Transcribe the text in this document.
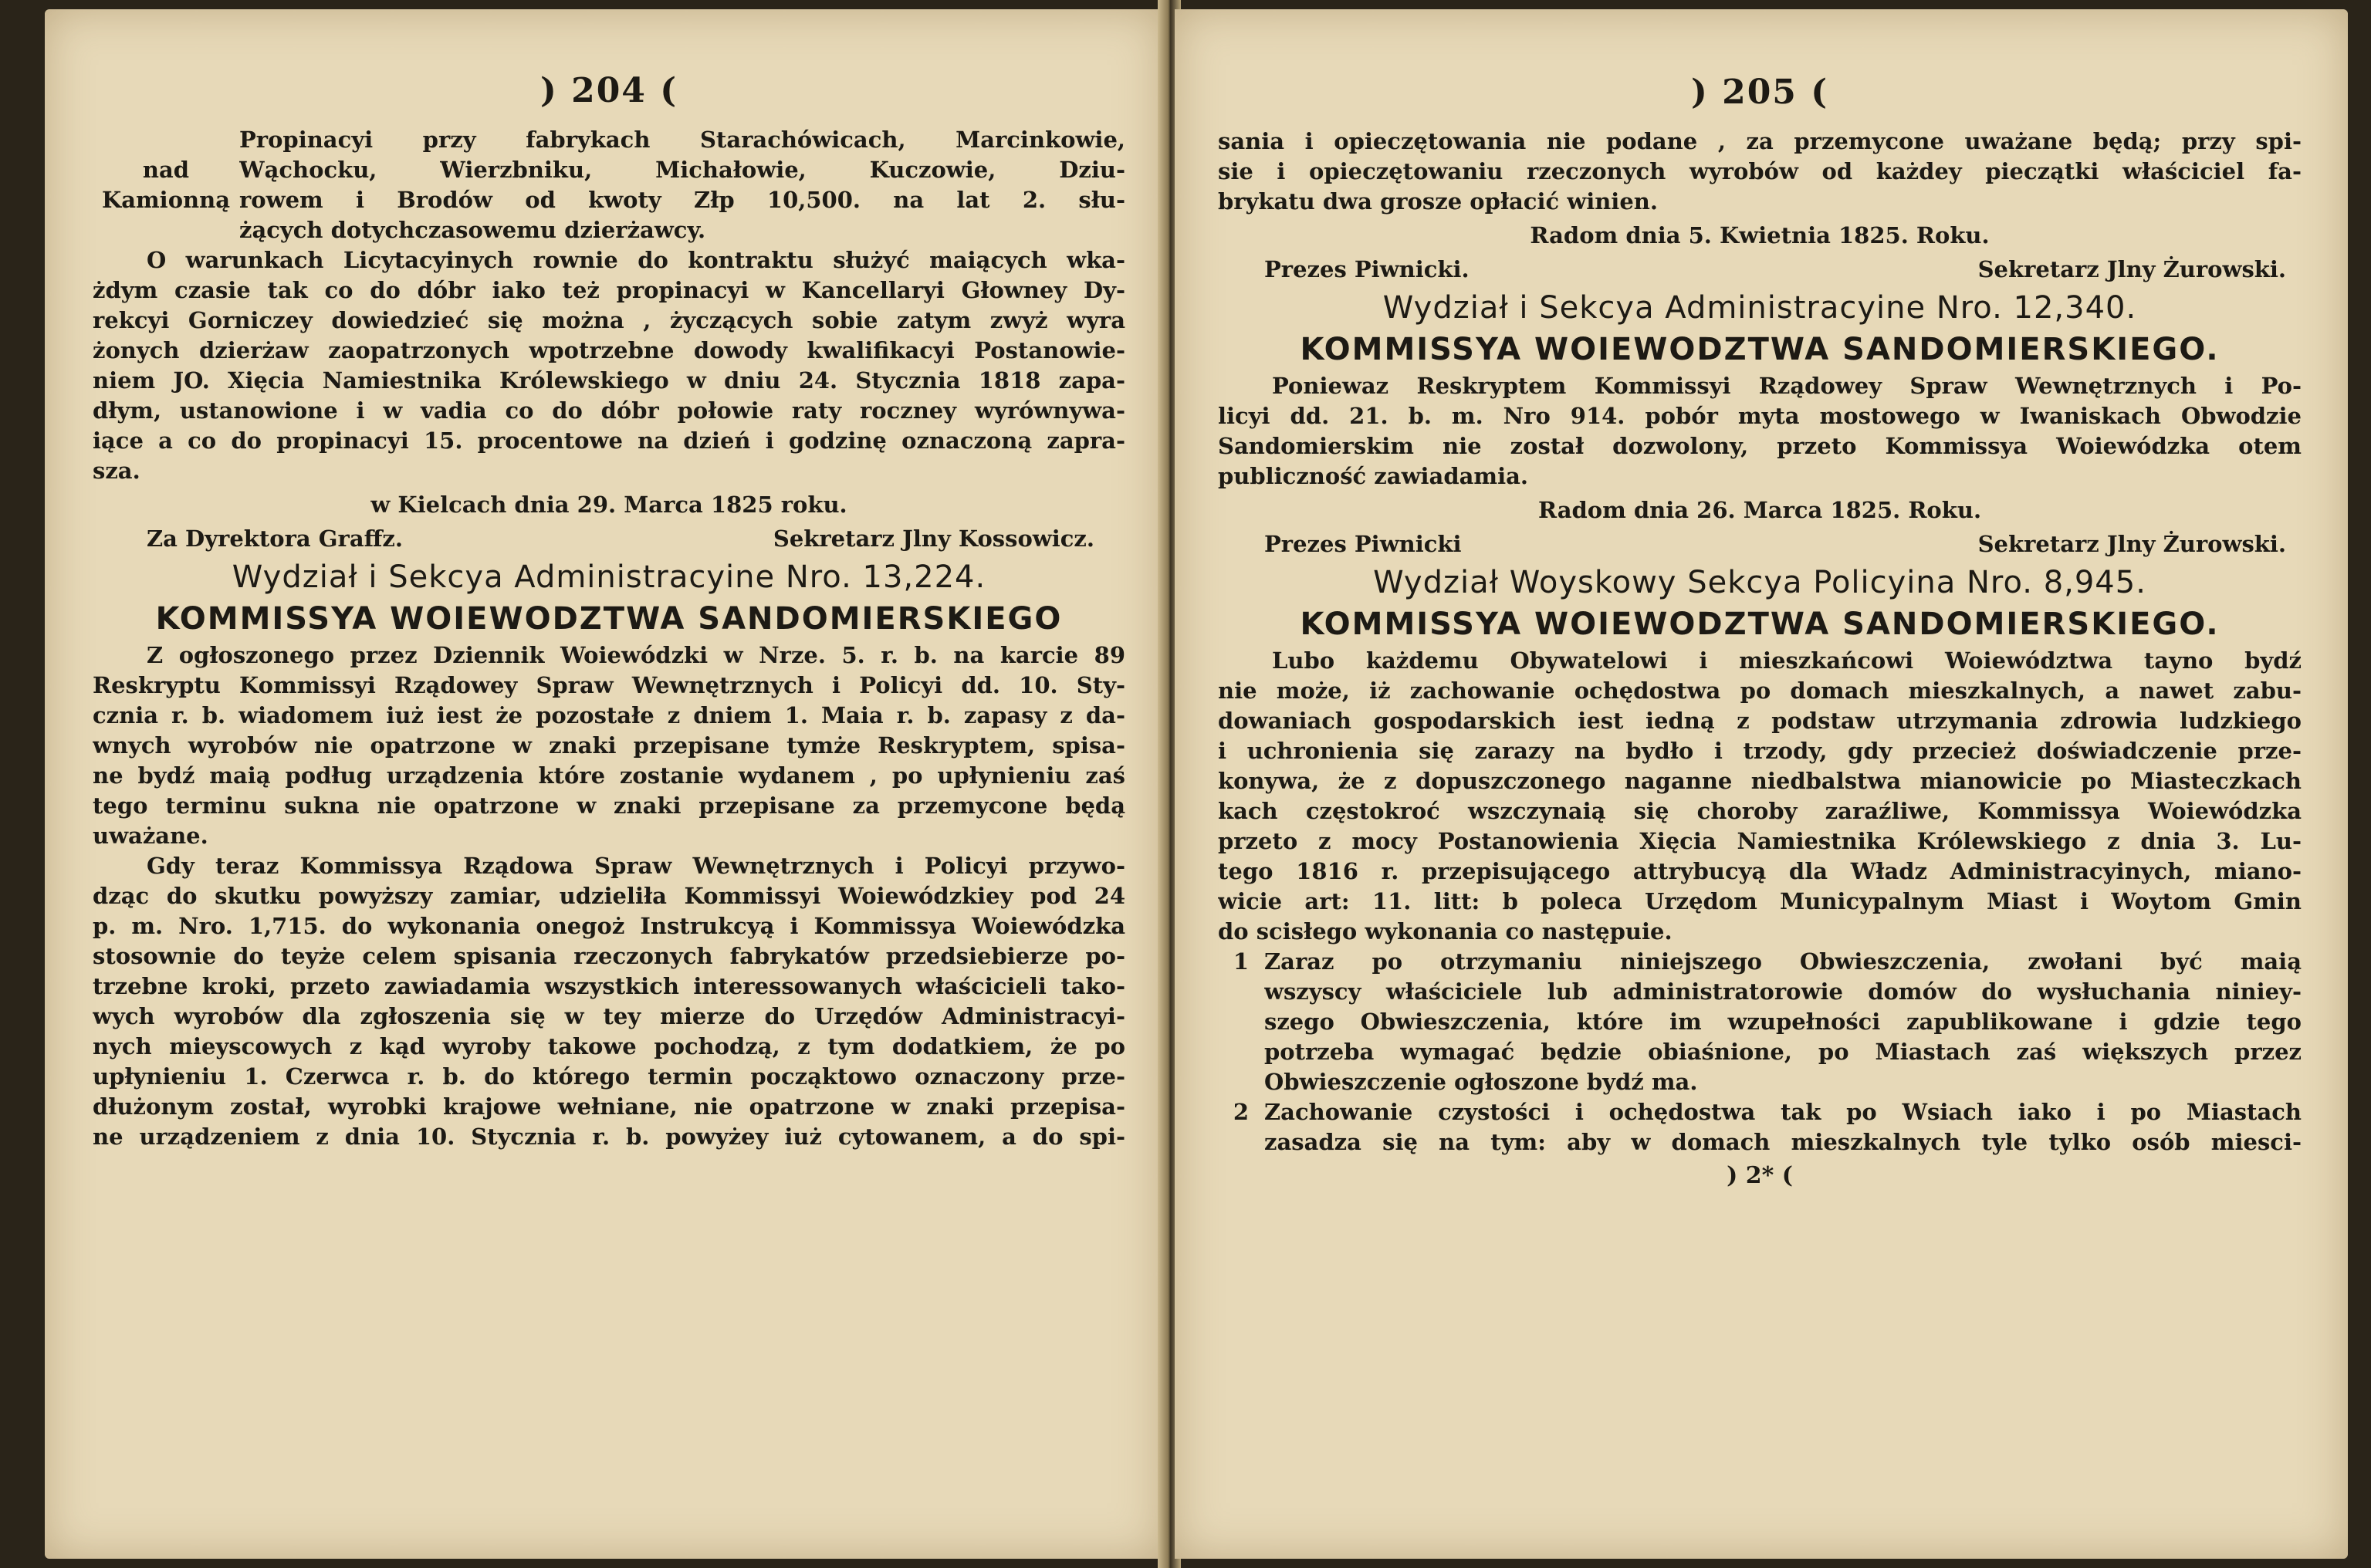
) 204 (
nad
Kamionną
Propinacyi przy fabrykach Starachówicach, Marcinkowie,
Wąchocku, Wierzbniku, Michałowie, Kuczowie, Dziu-
rowem i Brodów od kwoty Złp 10,500. na lat 2. słu-
żących dotychczasowemu dzierżawcy.
O warunkach Licytacyinych rownie do kontraktu służyć maiących wka-
żdym czasie tak co do dóbr iako też propinacyi w Kancellaryi Głowney Dy-
rekcyi Gorniczey dowiedzieć się można , życzących sobie zatym zwyż wyra
żonych dzierżaw zaopatrzonych wpotrzebne dowody kwalifikacyi Postanowie-
niem JO. Xięcia Namiestnika Królewskiego w dniu 24. Stycznia 1818 zapa-
dłym, ustanowione i w vadia co do dóbr połowie raty roczney wyrównywa-
iące a co do propinacyi 15. procentowe na dzień i godzinę oznaczoną zapra-
sza.
w Kielcach dnia 29. Marca 1825 roku.
Za Dyrektora Graffz.	Sekretarz Jlny Kossowicz.
Wydział i Sekcya Administracyine Nro. 13,224.
KOMMISSYA WOIEWODZTWA SANDOMIERSKIEGO
Z ogłoszonego przez Dziennik Woiewódzki w Nrze. 5. r. b. na karcie 89
Reskryptu Kommissyi Rządowey Spraw Wewnętrznych i Policyi dd. 10. Sty-
cznia r. b. wiadomem iuż iest że pozostałe z dniem 1. Maia r. b. zapasy z da-
wnych wyrobów nie opatrzone w znaki przepisane tymże Reskryptem, spisa-
ne bydź maią podług urządzenia które zostanie wydanem , po upłynieniu zaś
tego terminu sukna nie opatrzone w znaki przepisane za przemycone będą
uważane.
Gdy teraz Kommissya Rządowa Spraw Wewnętrznych i Policyi przywo-
dząc do skutku powyższy zamiar, udzieliła Kommissyi Woiewódzkiey pod 24
p. m. Nro. 1,715. do wykonania onegoż Instrukcyą i Kommissya Woiewódzka
stosownie do teyże celem spisania rzeczonych fabrykatów przedsiebierze po-
trzebne kroki, przeto zawiadamia wszystkich interessowanych właścicieli tako-
wych wyrobów dla zgłoszenia się w tey mierze do Urzędów Administracyi-
nych mieyscowych z kąd wyroby takowe pochodzą, z tym dodatkiem, że po
upłynieniu 1. Czerwca r. b. do którego termin począktowo oznaczony prze-
dłużonym został, wyrobki krajowe wełniane, nie opatrzone w znaki przepisa-
ne urządzeniem z dnia 10. Stycznia r. b. powyżey iuż cytowanem, a do spi-
) 205 (
sania i opieczętowania nie podane , za przemycone uważane będą; przy spi-
sie i opieczętowaniu rzeczonych wyrobów od każdey pieczątki właściciel fa-
brykatu dwa grosze opłacić winien.
Radom dnia 5. Kwietnia 1825. Roku.
Prezes Piwnicki.	Sekretarz Jlny Żurowski.
Wydział i Sekcya Administracyine Nro. 12,340.
KOMMISSYA WOIEWODZTWA SANDOMIERSKIEGO.
Poniewaz Reskryptem Kommissyi Rządowey Spraw Wewnętrznych i Po-
licyi dd. 21. b. m. Nro 914. pobór myta mostowego w Iwaniskach Obwodzie
Sandomierskim nie został dozwolony, przeto Kommissya Woiewódzka otem
publiczność zawiadamia.
Radom dnia 26. Marca 1825. Roku.
Prezes Piwnicki	Sekretarz Jlny Żurowski.
Wydział Woyskowy Sekcya Policyina Nro. 8,945.
KOMMISSYA WOIEWODZTWA SANDOMIERSKIEGO.
Lubo każdemu Obywatelowi i mieszkańcowi Woiewództwa tayno bydź
nie może, iż zachowanie ochędostwa po domach mieszkalnych, a nawet zabu-
dowaniach gospodarskich iest iedną z podstaw utrzymania zdrowia ludzkiego
i uchronienia się zarazy na bydło i trzody, gdy przecież doświadczenie prze-
konywa, że z dopuszczonego naganne niedbalstwa mianowicie po Miasteczkach
kach częstokroć wszczynaią się choroby zaraźliwe, Kommissya Woiewódzka
przeto z mocy Postanowienia Xięcia Namiestnika Królewskiego z dnia 3. Lu-
tego 1816 r. przepisującego attrybucyą dla Władz Administracyinych, miano-
wicie art: 11. litt: b poleca Urzędom Municypalnym Miast i Woytom Gmin
do scisłego wykonania co następuie.
1 Zaraz po otrzymaniu niniejszego Obwieszczenia, zwołani być maią
wszyscy właściciele lub administratorowie domów do wysłuchania niniey-
szego Obwieszczenia, które im wzupełności zapublikowane i gdzie tego
potrzeba wymagać będzie obiaśnione, po Miastach zaś większych przez
Obwieszczenie ogłoszone bydź ma.
2 Zachowanie czystości i ochędostwa tak po Wsiach iako i po Miastach
zasadza się na tym: aby w domach mieszkalnych tyle tylko osób miesci-
) 2* (
